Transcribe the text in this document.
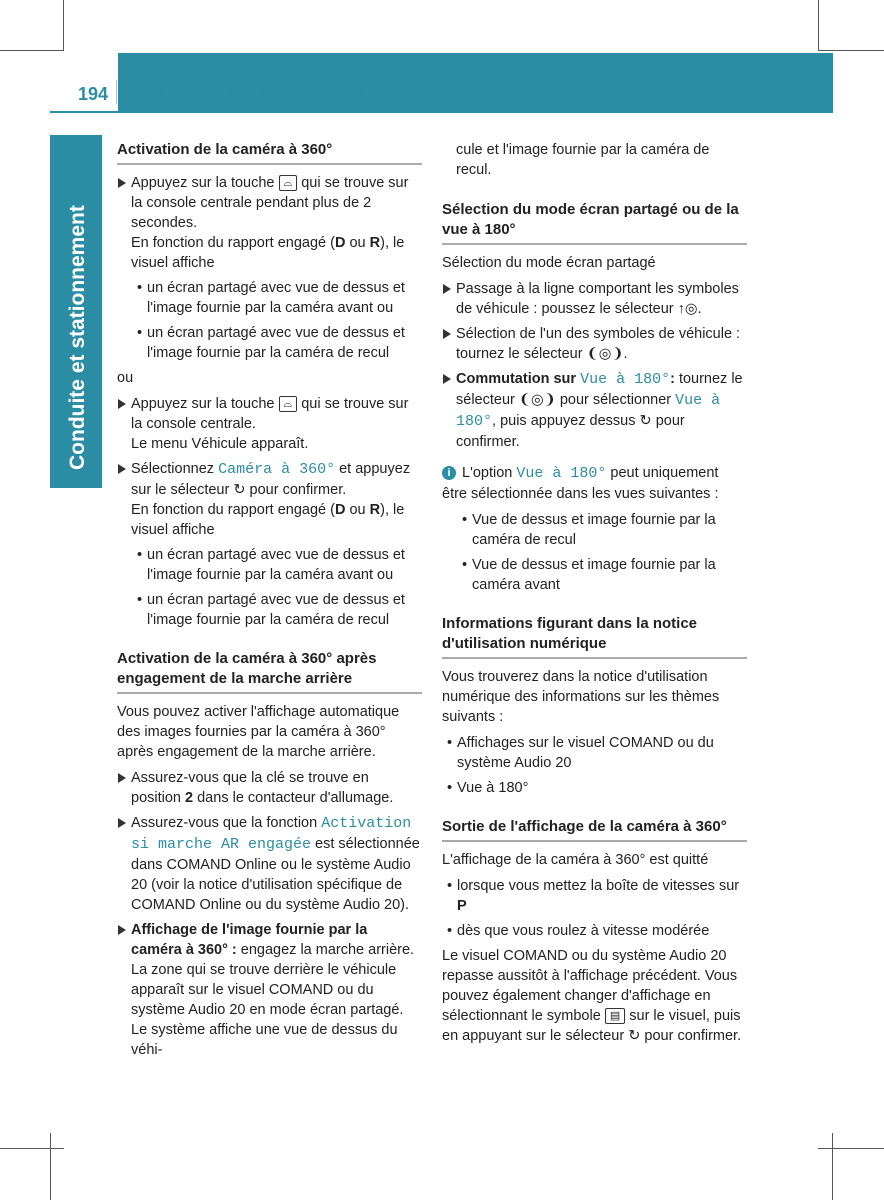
194 Systèmes d'aide à la conduite
Conduite et stationnement
Activation de la caméra à 360°
Appuyez sur la touche ⌓ qui se trouve sur la console centrale pendant plus de 2 secondes.
En fonction du rapport engagé (D ou R), le visuel affiche
• un écran partagé avec vue de dessus et l'image fournie par la caméra avant ou
• un écran partagé avec vue de dessus et l'image fournie par la caméra de recul

ou

Appuyez sur la touche ⌓ qui se trouve sur la console centrale.
Le menu Véhicule apparaît.
Sélectionnez Caméra à 360° et appuyez sur le sélecteur ↻ pour confirmer.
En fonction du rapport engagé (D ou R), le visuel affiche
• un écran partagé avec vue de dessus et l'image fournie par la caméra avant ou
• un écran partagé avec vue de dessus et l'image fournie par la caméra de recul
Activation de la caméra à 360° après engagement de la marche arrière

Vous pouvez activer l'affichage automatique des images fournies par la caméra à 360° après engagement de la marche arrière.

Assurez-vous que la clé se trouve en position 2 dans le contacteur d'allumage.
Assurez-vous que la fonction Activation si marche AR engagée est sélectionnée dans COMAND Online ou le système Audio 20 (voir la notice d'utilisation spécifique de COMAND Online ou du système Audio 20).
Affichage de l'image fournie par la caméra à 360° : engagez la marche arrière.
La zone qui se trouve derrière le véhicule apparaît sur le visuel COMAND ou du système Audio 20 en mode écran partagé. Le système affiche une vue de dessus du véhi-

cule et l'image fournie par la caméra de recul.

Sélection du mode écran partagé ou de la vue à 180°

Sélection du mode écran partagé

Passage à la ligne comportant les symboles de véhicule : poussez le sélecteur ↑◎.
Sélection de l'un des symboles de véhicule : tournez le sélecteur ❨◎❩.
Commutation sur Vue à 180°: tournez le sélecteur ❨◎❩ pour sélectionner Vue à 180°, puis appuyez dessus ↻ pour confirmer.

i L'option Vue à 180° peut uniquement être sélectionnée dans les vues suivantes :

• Vue de dessus et image fournie par la caméra de recul
• Vue de dessus et image fournie par la caméra avant
Informations figurant dans la notice d'utilisation numérique

Vous trouverez dans la notice d'utilisation numérique des informations sur les thèmes suivants :

• Affichages sur le visuel COMAND ou du système Audio 20
• Vue à 180°
Sortie de l'affichage de la caméra à 360°

L'affichage de la caméra à 360° est quitté

• lorsque vous mettez la boîte de vitesses sur P
• dès que vous roulez à vitesse modérée

Le visuel COMAND ou du système Audio 20 repasse aussitôt à l'affichage précédent. Vous pouvez également changer d'affichage en sélectionnant le symbole ▤ sur le visuel, puis en appuyant sur le sélecteur ↻ pour confirmer.
